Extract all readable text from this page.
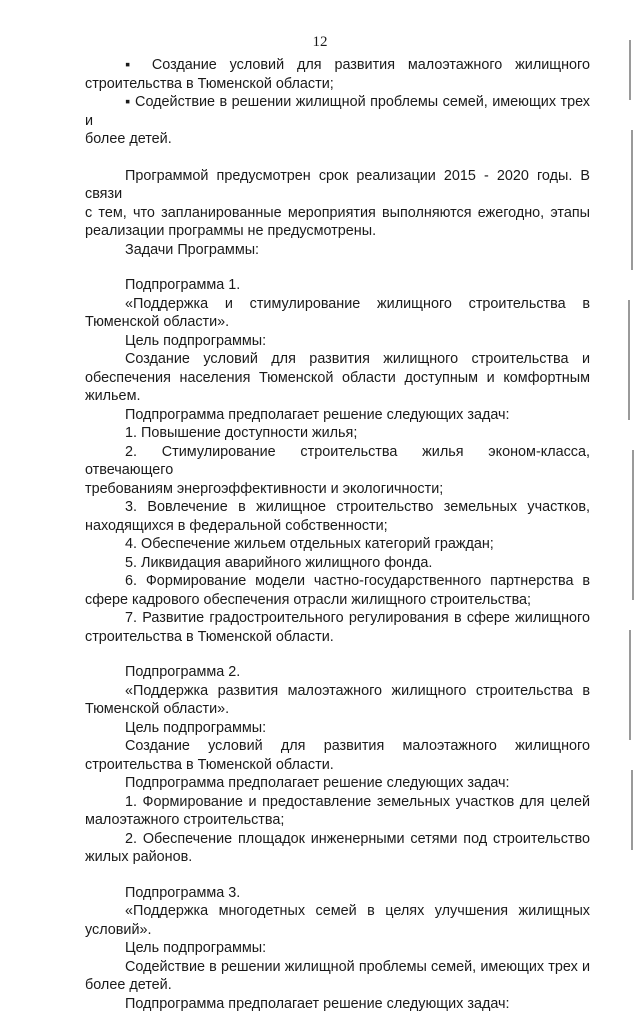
12

▪ Создание условий для развития малоэтажного жилищного

строительства в Тюменской области;

▪ Содействие в решении жилищной проблемы семей, имеющих трех и

более детей.

Программой предусмотрен срок реализации 2015 - 2020 годы. В связи

с тем, что запланированные мероприятия выполняются ежегодно, этапы

реализации программы не предусмотрены.

Задачи Программы:

Подпрограмма 1.

«Поддержка и стимулирование жилищного строительства в

Тюменской области».

Цель подпрограммы:

Создание условий для развития жилищного строительства и

обеспечения населения Тюменской области доступным и комфортным

жильем.

Подпрограмма предполагает решение следующих задач:

1. Повышение доступности жилья;

2. Стимулирование строительства жилья эконом-класса, отвечающего

требованиям энергоэффективности и экологичности;

3. Вовлечение в жилищное строительство земельных участков,

находящихся в федеральной собственности;

4. Обеспечение жильем отдельных категорий граждан;

5. Ликвидация аварийного жилищного фонда.

6. Формирование модели частно-государственного партнерства в

сфере кадрового обеспечения отрасли жилищного строительства;

7. Развитие градостроительного регулирования в сфере жилищного

строительства в Тюменской области.

Подпрограмма 2.

«Поддержка развития малоэтажного жилищного строительства в

Тюменской области».

Цель подпрограммы:

Создание условий для развития малоэтажного жилищного

строительства в Тюменской области.

Подпрограмма предполагает решение следующих задач:

1. Формирование и предоставление земельных участков для целей

малоэтажного строительства;

2. Обеспечение площадок инженерными сетями под строительство

жилых районов.

Подпрограмма 3.

«Поддержка многодетных семей в целях улучшения жилищных

условий».

Цель подпрограммы:

Содействие в решении жилищной проблемы семей, имеющих трех и

более детей.

Подпрограмма предполагает решение следующих задач:
